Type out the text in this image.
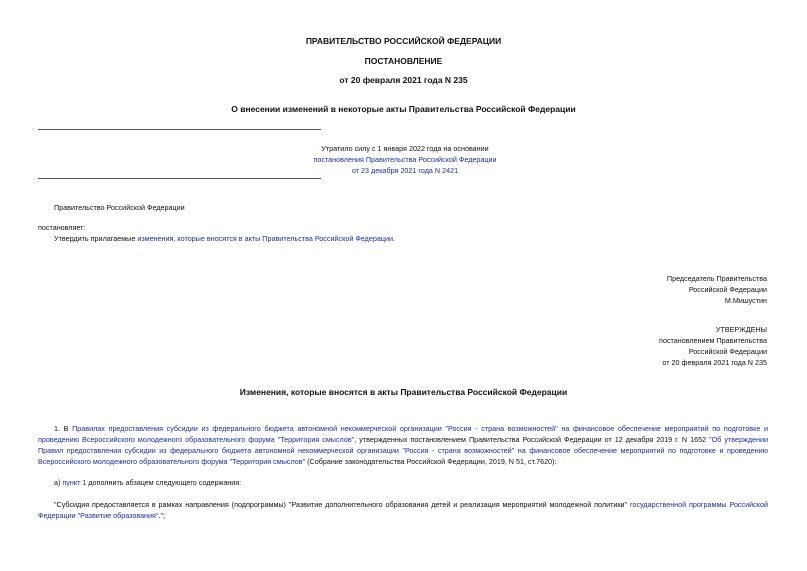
ПРАВИТЕЛЬСТВО РОССИЙСКОЙ ФЕДЕРАЦИИ
ПОСТАНОВЛЕНИЕ
от 20 февраля 2021 года N 235
О внесении изменений в некоторые акты Правительства Российской Федерации
Утратило силу с 1 января 2022 года на основании
постановления Правительства Российской Федерации
от 23 декабря 2021 года N 2421
Правительство Российской Федерации
постановляет:
Утвердить прилагаемые изменения, которые вносятся в акты Правительства Российской Федерации.
Председатель Правительства
Российской Федерации
М.Мишустин
УТВЕРЖДЕНЫ
постановлением Правительства
Российской Федерации
от 20 февраля 2021 года N 235
Изменения, которые вносятся в акты Правительства Российской Федерации
1. В Правилах предоставления субсидии из федерального бюджета автономной некоммерческой организации "Россия - страна возможностей" на финансовое обеспечение мероприятий по подготовке и проведению Всероссийского молодежного образовательного форума "Территория смыслов", утвержденных постановлением Правительства Российской Федерации от 12 декабря 2019 г. N 1652 "Об утверждении Правил предоставления субсидии из федерального бюджета автономной некоммерческой организации "Россия - страна возможностей" на финансовое обеспечение мероприятий по подготовке и проведению Всероссийского молодежного образовательного форума "Территория смыслов" (Собрание законодательства Российской Федерации, 2019, N 51, ст.7620):
а) пункт 1 дополнить абзацем следующего содержания:
"Субсидия предоставляется в рамках направления (подпрограммы) "Развитие дополнительного образования детей и реализация мероприятий молодежной политики" государственной программы Российской Федерации "Развитие образования".";
